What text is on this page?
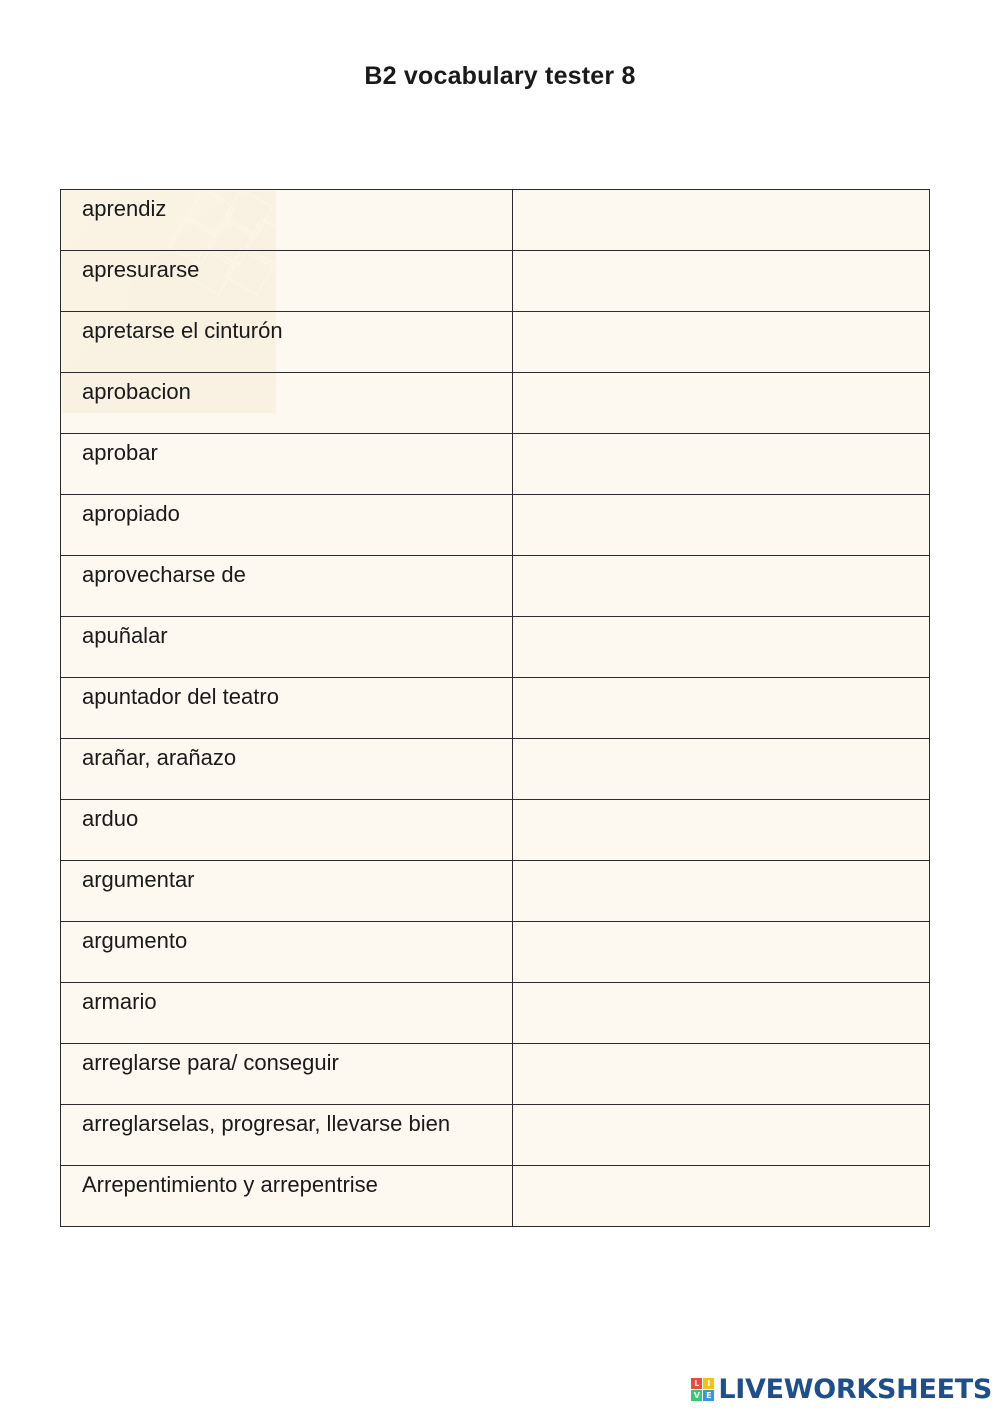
B2 vocabulary tester 8
aprendiz

apresurarse

apretarse el cinturón

aprobacion

aprobar

apropiado

aprovecharse de

apuñalar

apuntador del teatro

arañar, arañazo

arduo

argumentar

argumento

armario

arreglarse para/ conseguir

arreglarselas, progresar, llevarse bien

Arrepentimiento y arrepentrise

L I
V E LIVEWORKSHEETS
